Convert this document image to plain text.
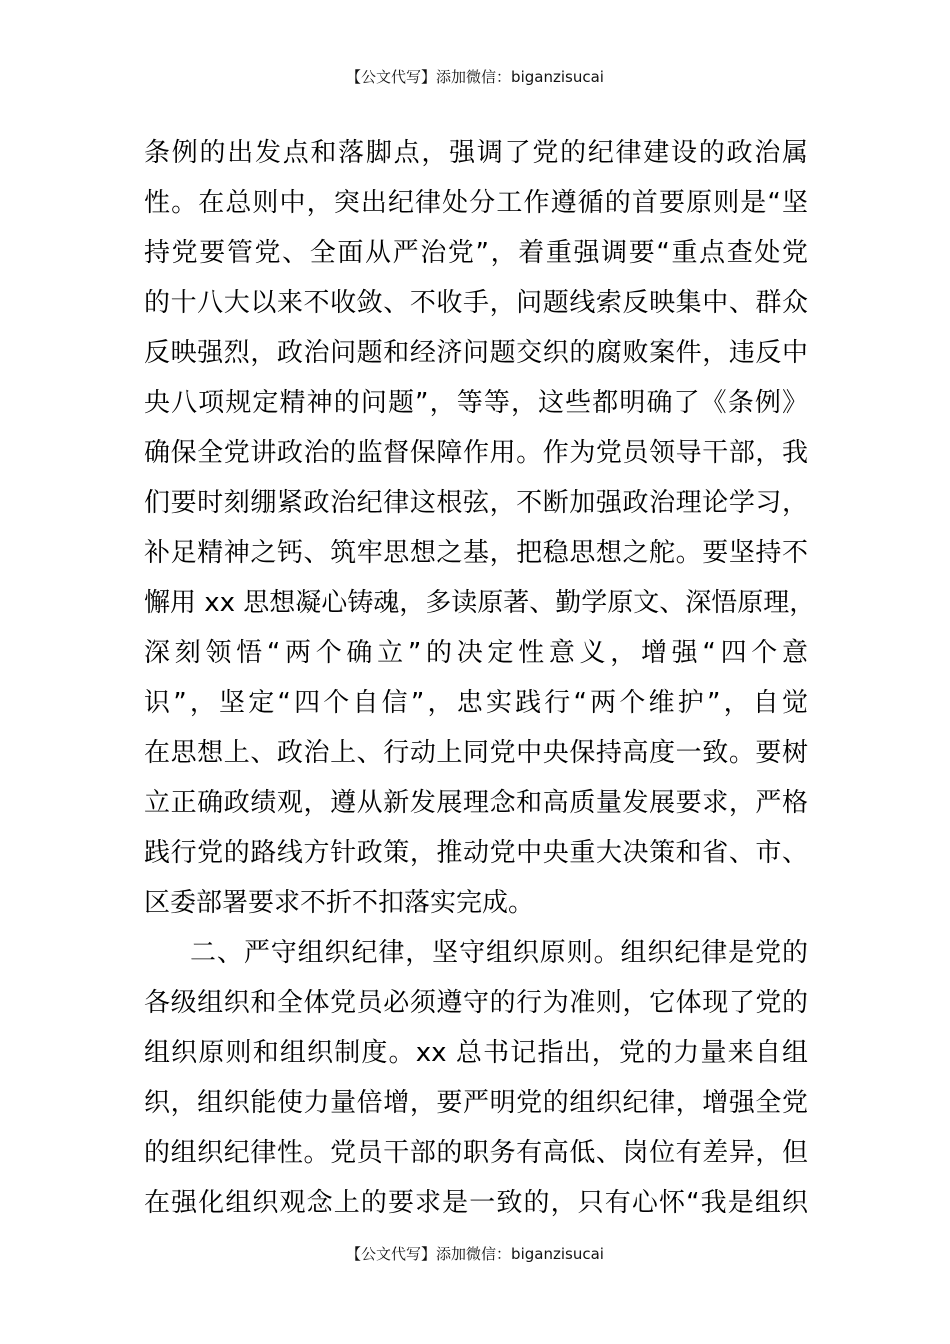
【公文代写】添加微信：biganzisucai
条例的出发点和落脚点，强调了党的纪律建设的政治属
性。在总则中，突出纪律处分工作遵循的首要原则是“坚
持党要管党、全面从严治党”，着重强调要“重点查处党
的十八大以来不收敛、不收手，问题线索反映集中、群众
反映强烈，政治问题和经济问题交织的腐败案件，违反中
央八项规定精神的问题”，等等，这些都明确了《条例》
确保全党讲政治的监督保障作用。作为党员领导干部，我
们要时刻绷紧政治纪律这根弦，不断加强政治理论学习，
补足精神之钙、筑牢思想之基，把稳思想之舵。要坚持不
懈用 xx 思想凝心铸魂，多读原著、勤学原文、深悟原理，
深刻领悟“两个确立”的决定性意义，增强“四个意
识”，坚定“四个自信”，忠实践行“两个维护”，自觉
在思想上、政治上、行动上同党中央保持高度一致。要树
立正确政绩观，遵从新发展理念和高质量发展要求，严格
践行党的路线方针政策，推动党中央重大决策和省、市、
区委部署要求不折不扣落实完成。
二、严守组织纪律，坚守组织原则。组织纪律是党的
各级组织和全体党员必须遵守的行为准则，它体现了党的
组织原则和组织制度。xx 总书记指出，党的力量来自组
织，组织能使力量倍增，要严明党的组织纪律，增强全党
的组织纪律性。党员干部的职务有高低、岗位有差异，但
在强化组织观念上的要求是一致的，只有心怀“我是组织
【公文代写】添加微信：biganzisucai
